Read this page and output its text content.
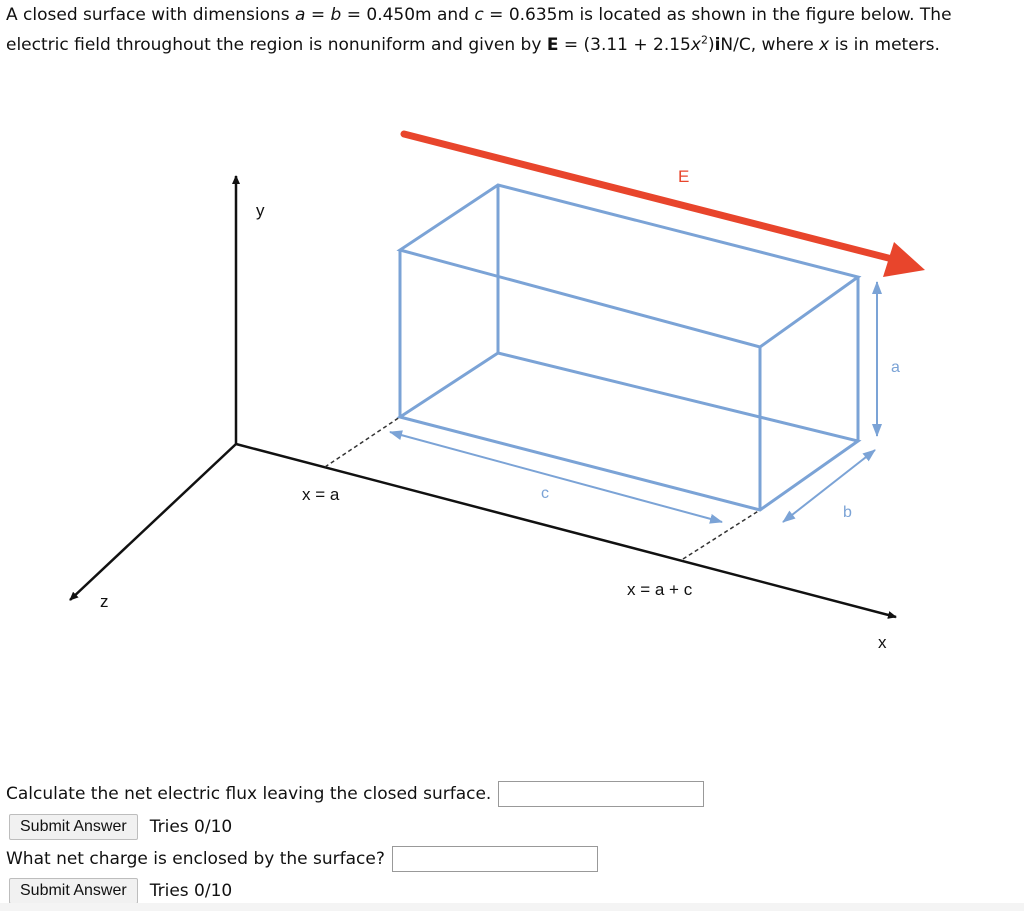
A closed surface with dimensions a = b = 0.450m and c = 0.635m is located as shown in the figure below. The
electric field throughout the region is nonuniform and given by $E = (3.11 + 2.15x^2)iN/C$, where x is in meters.

y
z
x
E
x = a
x = a + c
c
a
b
Calculate the net electric flux leaving the closed surface.
Submit Answer	Tries 0/10
What net charge is enclosed by the surface?
Submit Answer	Tries 0/10
